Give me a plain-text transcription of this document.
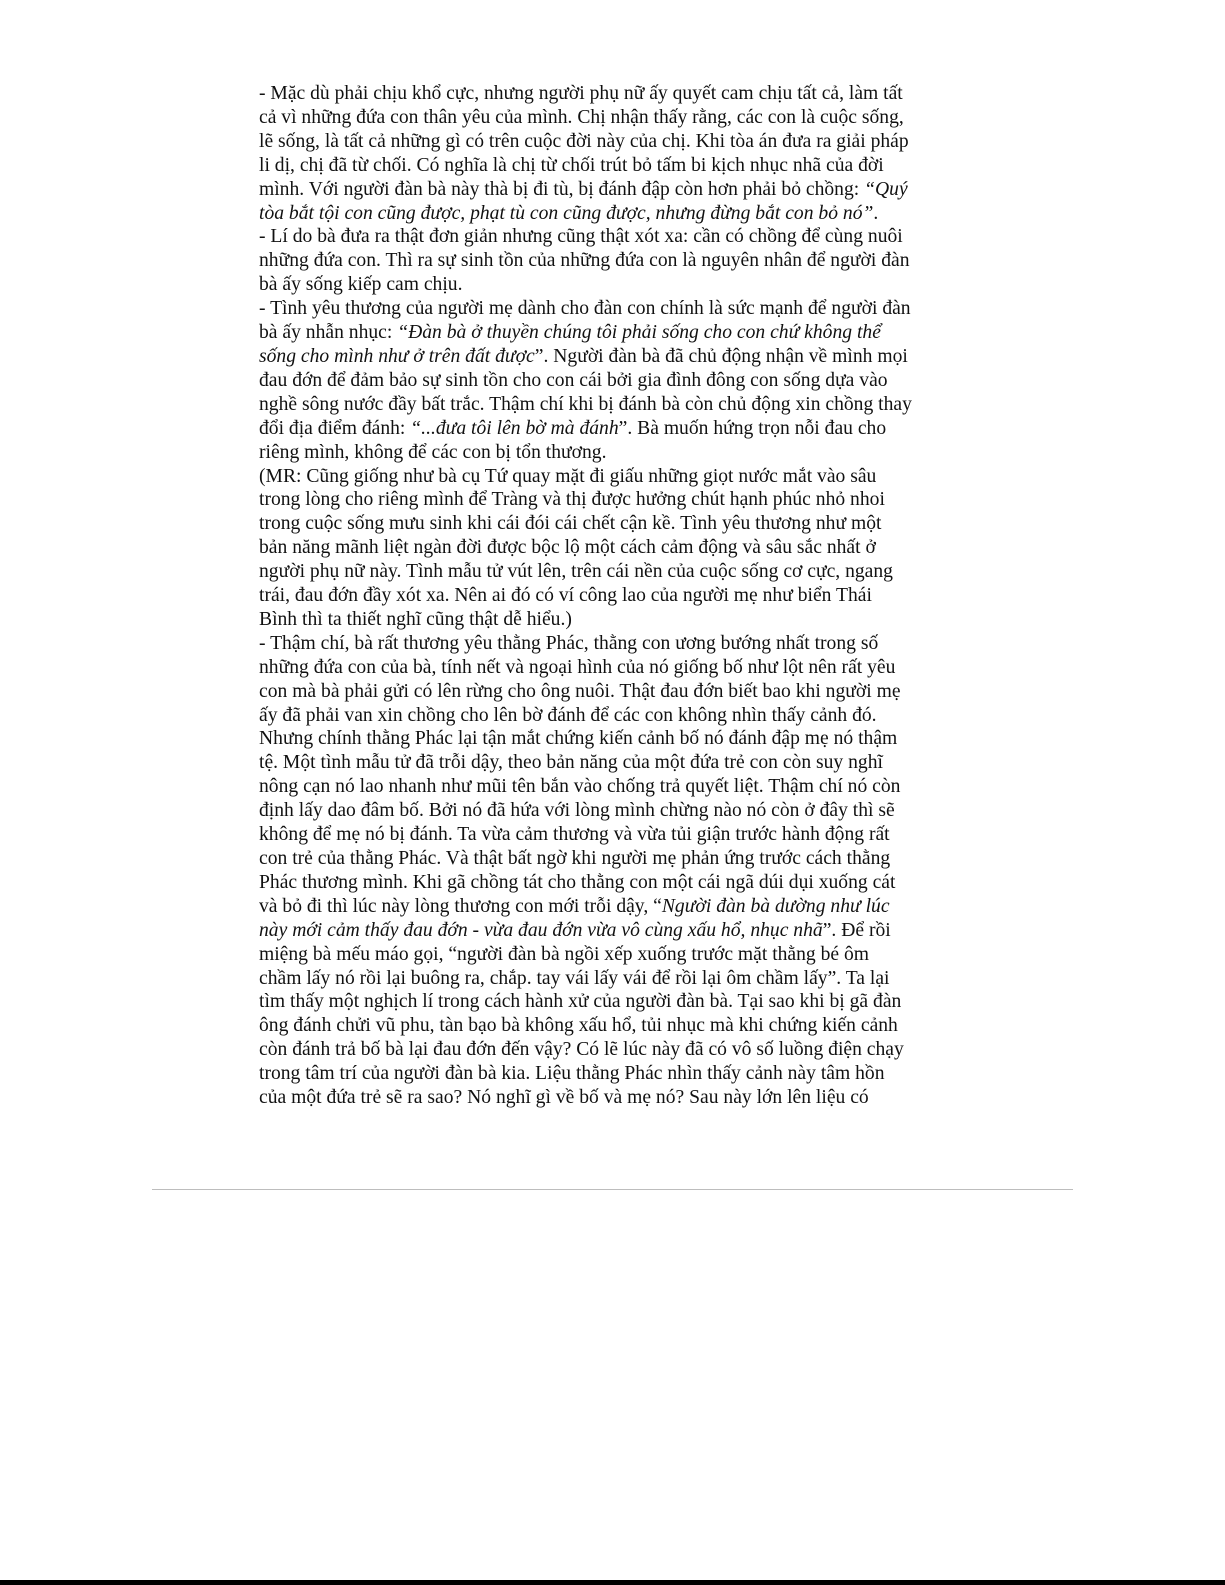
- Mặc dù phải chịu khổ cực, nhưng người phụ nữ ấy quyết cam chịu tất cả, làm tất
cả vì những đứa con thân yêu của mình. Chị nhận thấy rằng, các con là cuộc sống,
lẽ sống, là tất cả những gì có trên cuộc đời này của chị. Khi tòa án đưa ra giải pháp
li dị, chị đã từ chối. Có nghĩa là chị từ chối trút bỏ tấm bi kịch nhục nhã của đời
mình. Với người đàn bà này thà bị đi tù, bị đánh đập còn hơn phải bỏ chồng: “Quý
tòa bắt tội con cũng được, phạt tù con cũng được, nhưng đừng bắt con bỏ nó”.
- Lí do bà đưa ra thật đơn giản nhưng cũng thật xót xa: cần có chồng để cùng nuôi
những đứa con. Thì ra sự sinh tồn của những đứa con là nguyên nhân để người đàn
bà ấy sống kiếp cam chịu.
- Tình yêu thương của người mẹ dành cho đàn con chính là sức mạnh để người đàn
bà ấy nhẫn nhục: “Đàn bà ở thuyền chúng tôi phải sống cho con chứ không thể
sống cho mình như ở trên đất được”. Người đàn bà đã chủ động nhận về mình mọi
đau đớn để đảm bảo sự sinh tồn cho con cái bởi gia đình đông con sống dựa vào
nghề sông nước đầy bất trắc. Thậm chí khi bị đánh bà còn chủ động xin chồng thay
đổi địa điểm đánh: “...đưa tôi lên bờ mà đánh”. Bà muốn hứng trọn nỗi đau cho
riêng mình, không để các con bị tổn thương.
(MR: Cũng giống như bà cụ Tứ quay mặt đi giấu những giọt nước mắt vào sâu
trong lòng cho riêng mình để Tràng và thị được hưởng chút hạnh phúc nhỏ nhoi
trong cuộc sống mưu sinh khi cái đói cái chết cận kề. Tình yêu thương như một
bản năng mãnh liệt ngàn đời được bộc lộ một cách cảm động và sâu sắc nhất ở
người phụ nữ này. Tình mẫu tử vút lên, trên cái nền của cuộc sống cơ cực, ngang
trái, đau đớn đầy xót xa. Nên ai đó có ví công lao của người mẹ như biển Thái
Bình thì ta thiết nghĩ cũng thật dễ hiểu.)
- Thậm chí, bà rất thương yêu thằng Phác, thằng con ương bướng nhất trong số
những đứa con của bà, tính nết và ngoại hình của nó giống bố như lột nên rất yêu
con mà bà phải gửi có lên rừng cho ông nuôi. Thật đau đớn biết bao khi người mẹ
ấy đã phải van xin chồng cho lên bờ đánh để các con không nhìn thấy cảnh đó.
Nhưng chính thằng Phác lại tận mắt chứng kiến cảnh bố nó đánh đập mẹ nó thậm
tệ. Một tình mẫu tử đã trỗi dậy, theo bản năng của một đứa trẻ con còn suy nghĩ
nông cạn nó lao nhanh như mũi tên bắn vào chống trả quyết liệt. Thậm chí nó còn
định lấy dao đâm bố. Bởi nó đã hứa với lòng mình chừng nào nó còn ở đây thì sẽ
không để mẹ nó bị đánh. Ta vừa cảm thương và vừa tủi giận trước hành động rất
con trẻ của thằng Phác. Và thật bất ngờ khi người mẹ phản ứng trước cách thằng
Phác thương mình. Khi gã chồng tát cho thằng con một cái ngã dúi dụi xuống cát
và bỏ đi thì lúc này lòng thương con mới trỗi dậy, “Người đàn bà dường như lúc
này mới cảm thấy đau đớn - vừa đau đớn vừa vô cùng xấu hổ, nhục nhã”. Để rồi
miệng bà mếu máo gọi, “người đàn bà ngồi xếp xuống trước mặt thằng bé ôm
chầm lấy nó rồi lại buông ra, chắp. tay vái lấy vái để rồi lại ôm chầm lấy”. Ta lại
tìm thấy một nghịch lí trong cách hành xử của người đàn bà. Tại sao khi bị gã đàn
ông đánh chửi vũ phu, tàn bạo bà không xấu hổ, tủi nhục mà khi chứng kiến cảnh
còn đánh trả bố bà lại đau đớn đến vậy? Có lẽ lúc này đã có vô số luồng điện chạy
trong tâm trí của người đàn bà kia. Liệu thằng Phác nhìn thấy cảnh này tâm hồn
của một đứa trẻ sẽ ra sao? Nó nghĩ gì về bố và mẹ nó? Sau này lớn lên liệu có
